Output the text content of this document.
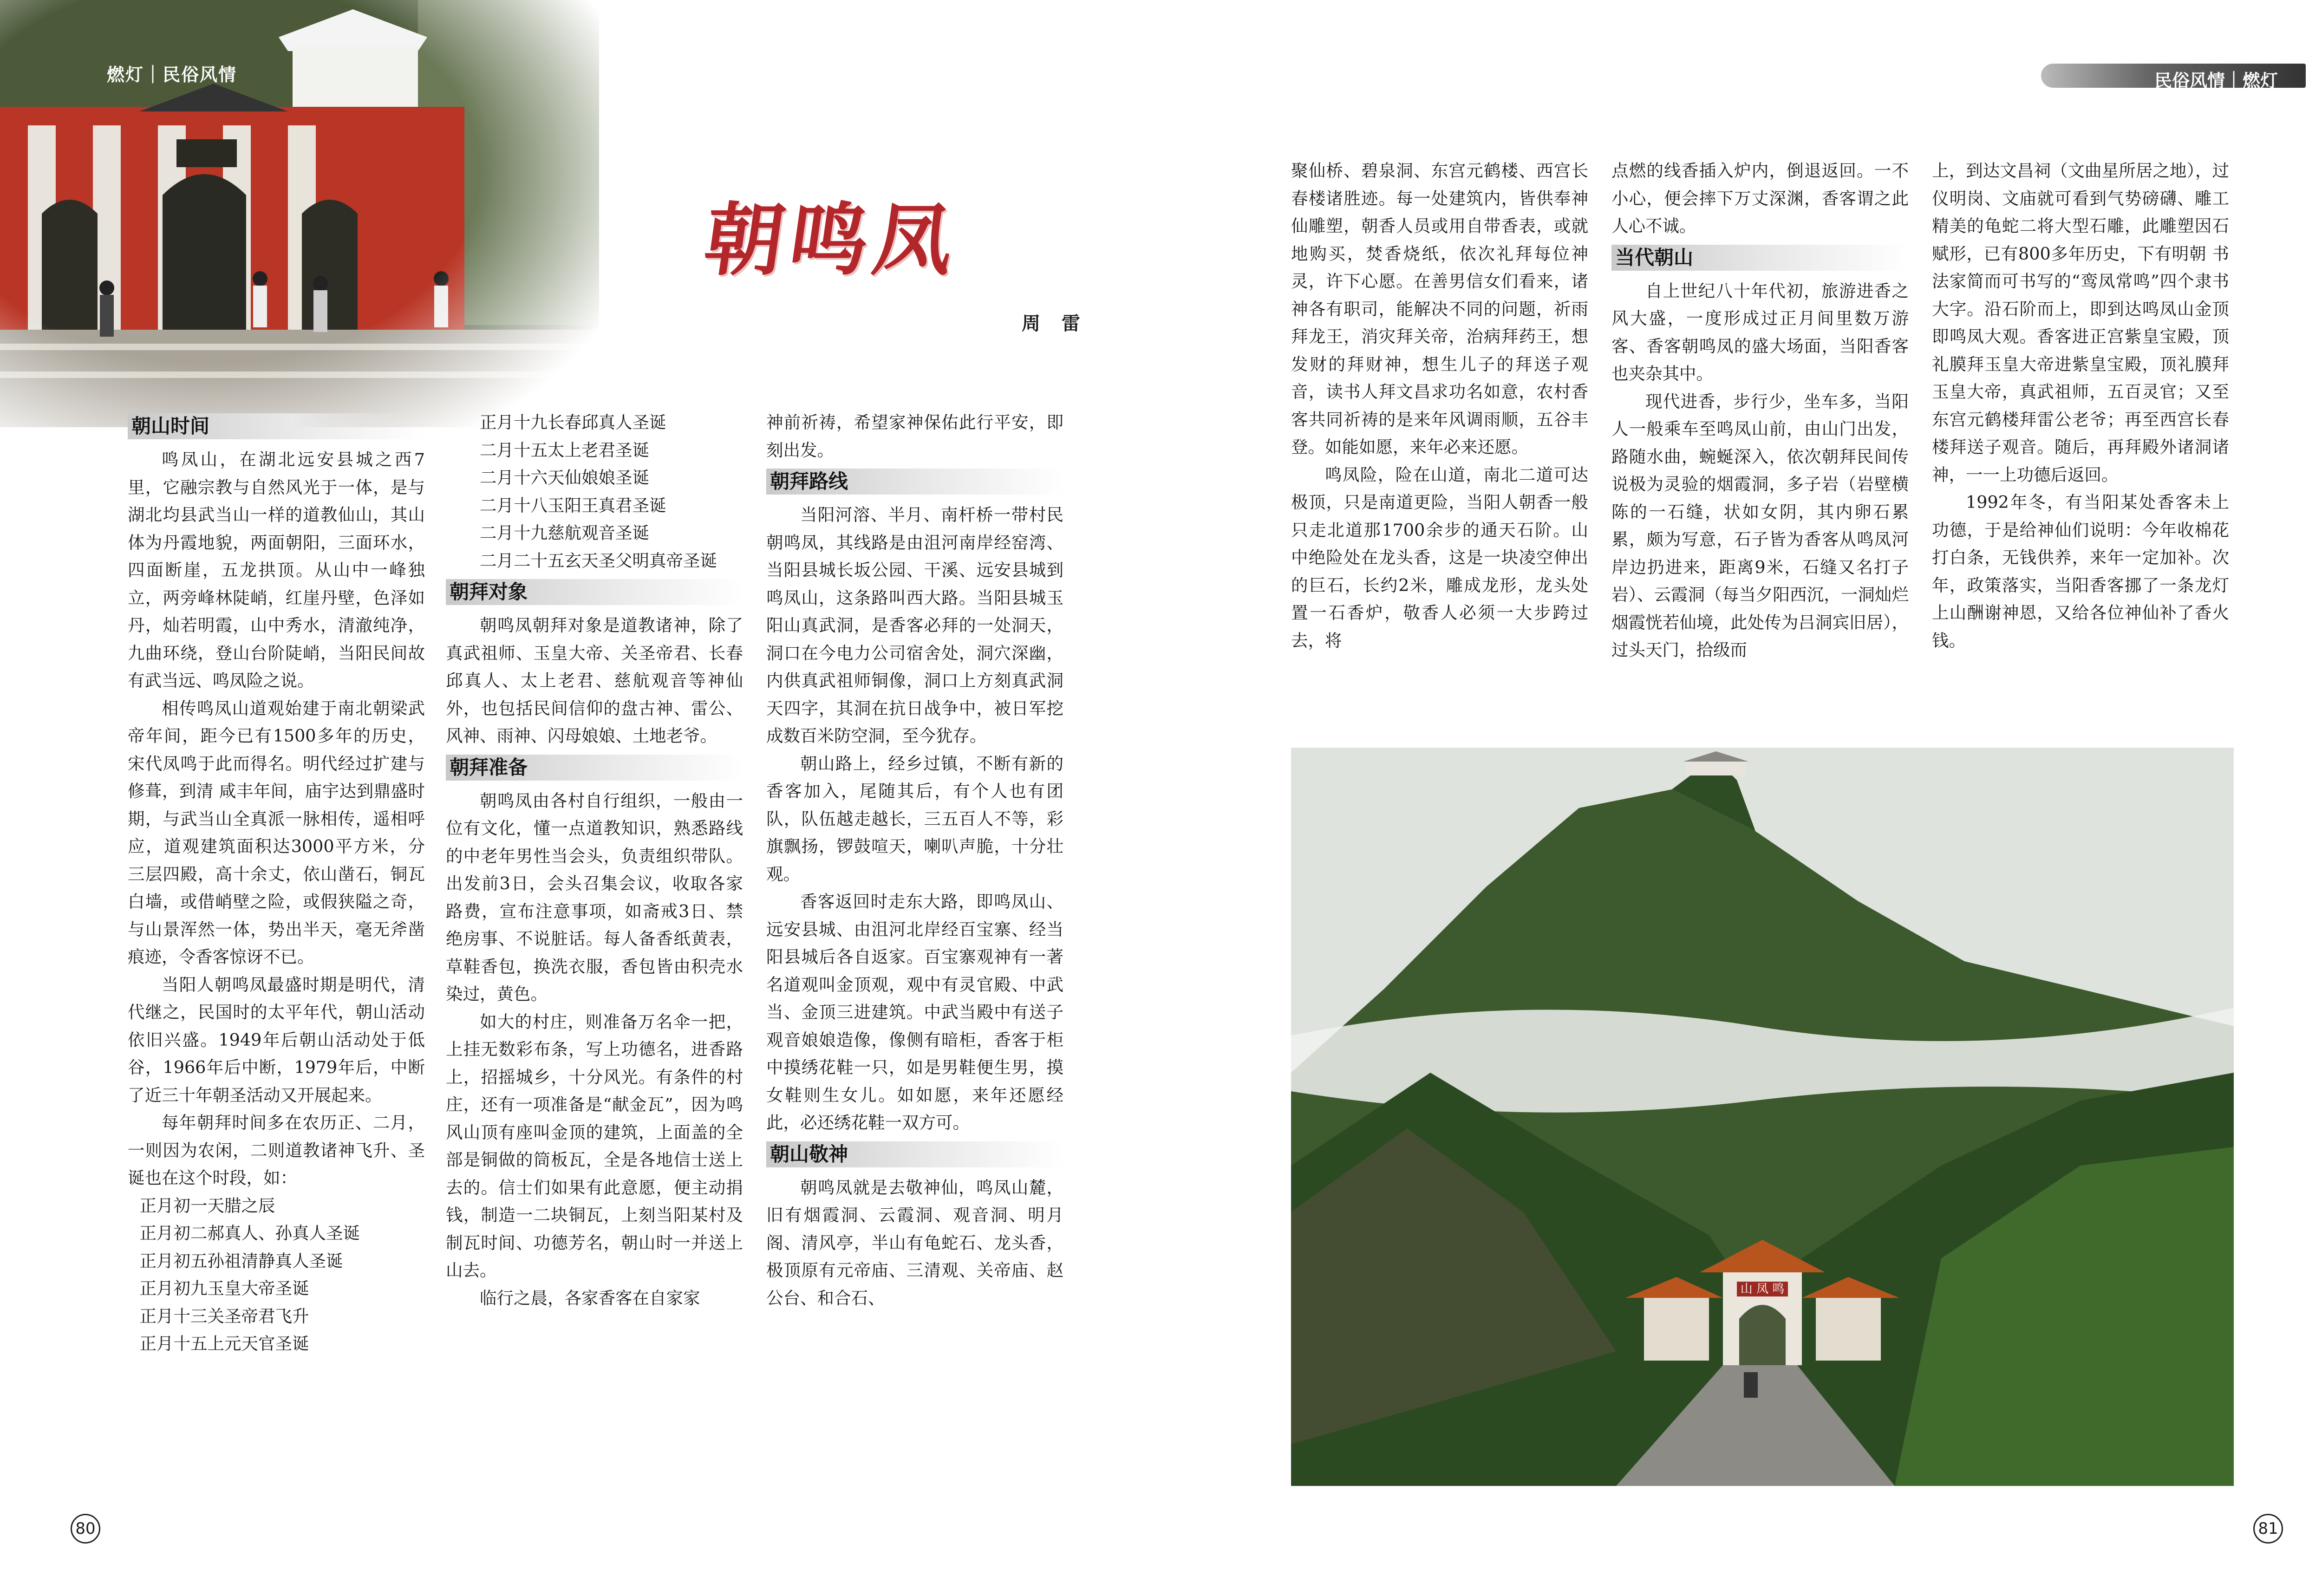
燃灯｜民俗风情	民俗风情｜燃灯
朝鸣凤
周 雷
朝山时间

鸣凤山，在湖北远安县城之西7里，它融宗教与自然风光于一体，是与湖北均县武当山一样的道教仙山，其山体为丹霞地貌，两面朝阳，三面环水，四面断崖，五龙拱顶。从山中一峰独立，两旁峰林陡峭，红崖丹壁，色泽如丹，灿若明霞，山中秀水，清澈纯净，九曲环绕，登山台阶陡峭，当阳民间故有武当远、鸣凤险之说。

相传鸣凤山道观始建于南北朝梁武帝年间，距今已有1500多年的历史，宋代凤鸣于此而得名。明代经过扩建与修葺，到清 咸丰年间，庙宇达到鼎盛时期，与武当山全真派一脉相传，遥相呼应，道观建筑面积达3000平方米，分三层四殿，高十余丈，依山凿石，铜瓦白墙，或借峭壁之险，或假狭隘之奇，与山景浑然一体，势出半天，毫无斧凿痕迹，令香客惊讶不已。

当阳人朝鸣凤最盛时期是明代，清代继之，民国时的太平年代，朝山活动依旧兴盛。1949年后朝山活动处于低谷，1966年后中断，1979年后，中断了近三十年朝圣活动又开展起来。

每年朝拜时间多在农历正、二月，一则因为农闲，二则道教诸神飞升、圣诞也在这个时段，如：

正月初一天腊之辰
正月初二郝真人、孙真人圣诞
正月初五孙祖清静真人圣诞
正月初九玉皇大帝圣诞
正月十三关圣帝君飞升
正月十五上元天官圣诞
正月十九长春邱真人圣诞
二月十五太上老君圣诞
二月十六天仙娘娘圣诞
二月十八玉阳王真君圣诞
二月十九慈航观音圣诞
二月二十五玄天圣父明真帝圣诞
朝拜对象

朝鸣凤朝拜对象是道教诸神，除了真武祖师、玉皇大帝、关圣帝君、长春邱真人、太上老君、慈航观音等神仙外，也包括民间信仰的盘古神、雷公、风神、雨神、闪母娘娘、土地老爷。

朝拜准备

朝鸣凤由各村自行组织，一般由一位有文化，懂一点道教知识，熟悉路线的中老年男性当会头，负责组织带队。出发前3日，会头召集会议，收取各家路费，宣布注意事项，如斋戒3日、禁绝房事、不说脏话。每人备香纸黄表，草鞋香包，换洗衣服，香包皆由积壳水染过，黄色。

如大的村庄，则准备万名伞一把，上挂无数彩布条，写上功德名，进香路上，招摇城乡，十分风光。有条件的村庄，还有一项准备是“献金瓦”，因为鸣风山顶有座叫金顶的建筑，上面盖的全部是铜做的筒板瓦，全是各地信士送上去的。信士们如果有此意愿，便主动捐钱，制造一二块铜瓦，上刻当阳某村及制瓦时间、功德芳名，朝山时一并送上山去。

临行之晨，各家香客在自家家

神前祈祷，希望家神保佑此行平安，即刻出发。

朝拜路线

当阳河溶、半月、南杆桥一带村民朝鸣凤，其线路是由沮河南岸经窑湾、当阳县城长坂公园、干溪、远安县城到鸣凤山，这条路叫西大路。当阳县城玉阳山真武洞，是香客必拜的一处洞天，洞口在今电力公司宿舍处，洞穴深幽，内供真武祖师铜像，洞口上方刻真武洞天四字，其洞在抗日战争中，被日军挖成数百米防空洞，至今犹存。

朝山路上，经乡过镇，不断有新的香客加入，尾随其后，有个人也有团队，队伍越走越长，三五百人不等，彩旗飘扬，锣鼓喧天，喇叭声脆，十分壮观。

香客返回时走东大路，即鸣凤山、远安县城、由沮河北岸经百宝寨、经当阳县城后各自返家。百宝寨观神有一著名道观叫金顶观，观中有灵官殿、中武当、金顶三进建筑。中武当殿中有送子观音娘娘造像，像侧有暗柜，香客于柜中摸绣花鞋一只，如是男鞋便生男，摸女鞋则生女儿。如如愿，来年还愿经此，必还绣花鞋一双方可。

朝山敬神

朝鸣凤就是去敬神仙，鸣凤山麓，旧有烟霞洞、云霞洞、观音洞、明月阁、清风亭，半山有龟蛇石、龙头香，极顶原有元帝庙、三清观、关帝庙、赵公台、和合石、

聚仙桥、碧泉洞、东宫元鹤楼、西宫长春楼诸胜迹。每一处建筑内，皆供奉神仙雕塑，朝香人员或用自带香表，或就地购买，焚香烧纸，依次礼拜每位神灵，许下心愿。在善男信女们看来，诸神各有职司，能解决不同的问题，祈雨拜龙王，消灾拜关帝，治病拜药王，想发财的拜财神，想生儿子的拜送子观音，读书人拜文昌求功名如意，农村香客共同祈祷的是来年风调雨顺，五谷丰登。如能如愿，来年必来还愿。

鸣凤险，险在山道，南北二道可达极顶，只是南道更险，当阳人朝香一般只走北道那1700余步的通天石阶。山中绝险处在龙头香，这是一块凌空伸出的巨石，长约2米，雕成龙形，龙头处置一石香炉，敬香人必须一大步跨过去，将

点燃的线香插入炉内，倒退返回。一不小心，便会摔下万丈深渊，香客谓之此人心不诚。

当代朝山

自上世纪八十年代初，旅游进香之风大盛，一度形成过正月间里数万游客、香客朝鸣凤的盛大场面，当阳香客也夹杂其中。

现代进香，步行少，坐车多，当阳人一般乘车至鸣凤山前，由山门出发，路随水曲，蜿蜒深入，依次朝拜民间传说极为灵验的烟霞洞，多子岩（岩壁横陈的一石缝，状如女阴，其内卵石累累，颇为写意，石子皆为香客从鸣凤河岸边扔进来，距离9米，石缝又名打子岩）、云霞洞（每当夕阳西沉，一洞灿烂烟霞恍若仙境，此处传为吕洞宾旧居），过头天门，拾级而

上，到达文昌祠（文曲星所居之地），过仪明岗、文庙就可看到气势磅礴、雕工精美的龟蛇二将大型石雕，此雕塑因石赋形，已有800多年历史，下有明朝 书法家简而可书写的“鸾凤常鸣”四个隶书大字。沿石阶而上，即到达鸣凤山金顶即鸣凤大观。香客进正宫紫皇宝殿，顶礼膜拜玉皇大帝进紫皇宝殿，顶礼膜拜玉皇大帝，真武祖师，五百灵官；又至东宫元鹤楼拜雷公老爷；再至西宫长春楼拜送子观音。随后，再拜殿外诸洞诸神，一一上功德后返回。

1992年冬，有当阳某处香客未上功德，于是给神仙们说明：今年收棉花打白条，无钱供养，来年一定加补。次年，政策落实，当阳香客挪了一条龙灯上山酬谢神恩，又给各位神仙补了香火钱。

山 凤 鸣
80	81
